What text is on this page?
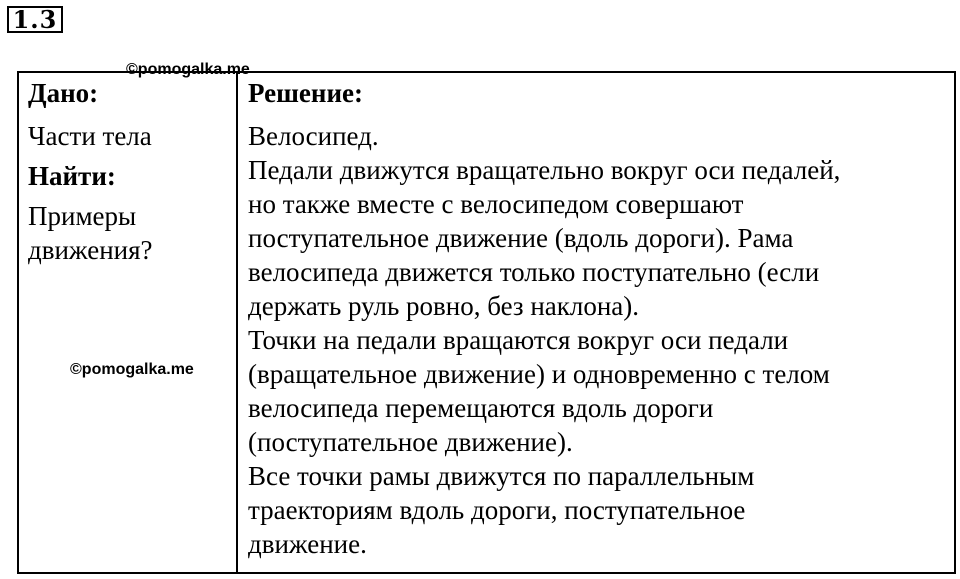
1.3
Дано:
Части тела
Найти:
Примеры
движения?
Решение:
Велосипед.
Педали движутся вращательно вокруг оси педалей,
но также вместе с велосипедом совершают
поступательное движение (вдоль дороги). Рама
велосипеда движется только поступательно (если
держать руль ровно, без наклона).
Точки на педали вращаются вокруг оси педали
(вращательное движение) и одновременно с телом
велосипеда перемещаются вдоль дороги
(поступательное движение).
Все точки рамы движутся по параллельным
траекториям вдоль дороги, поступательное
движение.
©pomogalka.me
©pomogalka.me
